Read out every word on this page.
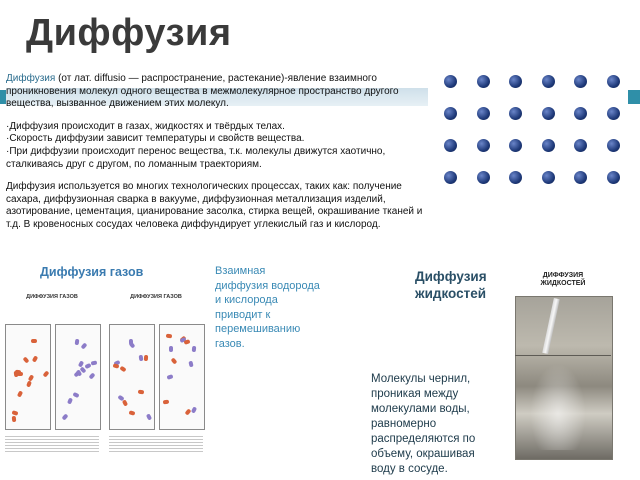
Диффузия

Диффузия (от лат. diffusio — распространение, растекание)-явление взаимного проникновения молекул одного вещества в межмолекулярное пространство другого вещества, вызванное движением этих молекул.

·Диффузия происходит в газах, жидкостях и твёрдых телах.
·Скорость диффузии зависит температуры и свойств вещества.
·При диффузии происходит перенос вещества, т.к. молекулы движутся хаотично, сталкиваясь друг с другом, по ломанным траекториям.

Диффузия используется во многих технологических процессах, таких как: получение сахара, диффузионная сварка в вакууме, диффузионная металлизация изделий, азотирование, цементация, цианирование засолка, стирка вещей, окрашивание тканей и т.д. В кровеносных сосудах человека диффундирует углекислый газ и кислород.

Диффузия газов
ДИФФУЗИЯ ГАЗОВ	ДИФФУЗИЯ ГАЗОВ
Взаимная диффузия водорода и кислорода приводит к перемешиванию газов.
Диффузия жидкостей
ДИФФУЗИЯ ЖИДКОСТЕЙ
Молекулы чернил, проникая между молекулами воды, равномерно распределяются по объему, окрашивая воду в сосуде.
